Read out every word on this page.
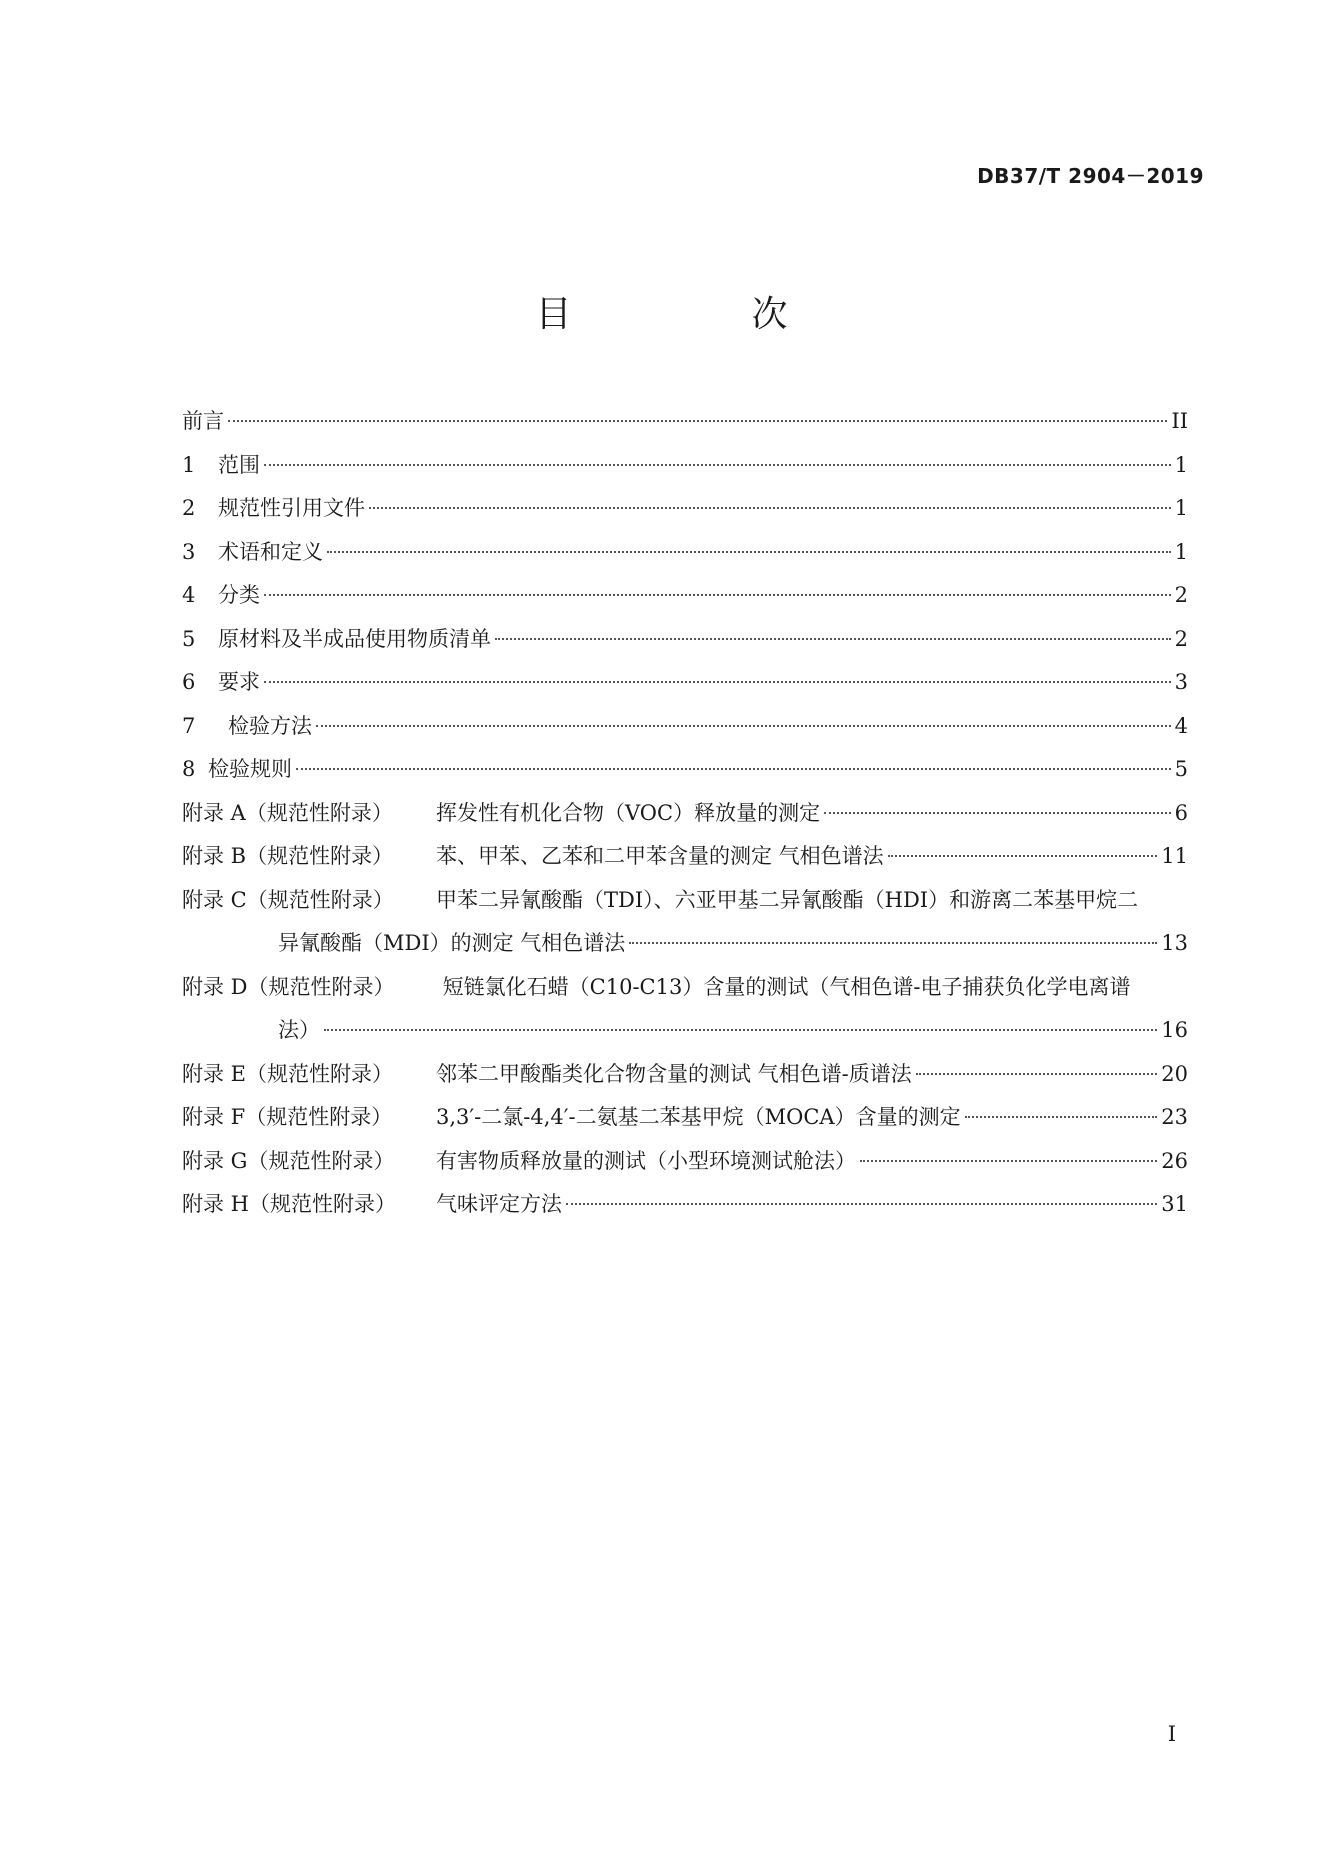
DB37/T 2904－2019
目　次
前言	II
1	范围	1
2	规范性引用文件	1
3	术语和定义	1
4	分类	2
5	原材料及半成品使用物质清单	2
6	要求	3
7	检验方法	4
8 检验规则	5
附录 A（规范性附录）	挥发性有机化合物（VOC）释放量的测定	6
附录 B（规范性附录）	苯、甲苯、乙苯和二甲苯含量的测定 气相色谱法	11
附录 C（规范性附录）	甲苯二异氰酸酯（TDI）、六亚甲基二异氰酸酯（HDI）和游离二苯基甲烷二
异氰酸酯（MDI）的测定 气相色谱法	13
附录 D（规范性附录）	短链氯化石蜡（C10-C13）含量的测试（气相色谱-电子捕获负化学电离谱
法）	16
附录 E（规范性附录）	邻苯二甲酸酯类化合物含量的测试 气相色谱-质谱法	20
附录 F（规范性附录）	3,3′-二氯-4,4′-二氨基二苯基甲烷（MOCA）含量的测定	23
附录 G（规范性附录）	有害物质释放量的测试（小型环境测试舱法）	26
附录 H（规范性附录）	气味评定方法	31
I
